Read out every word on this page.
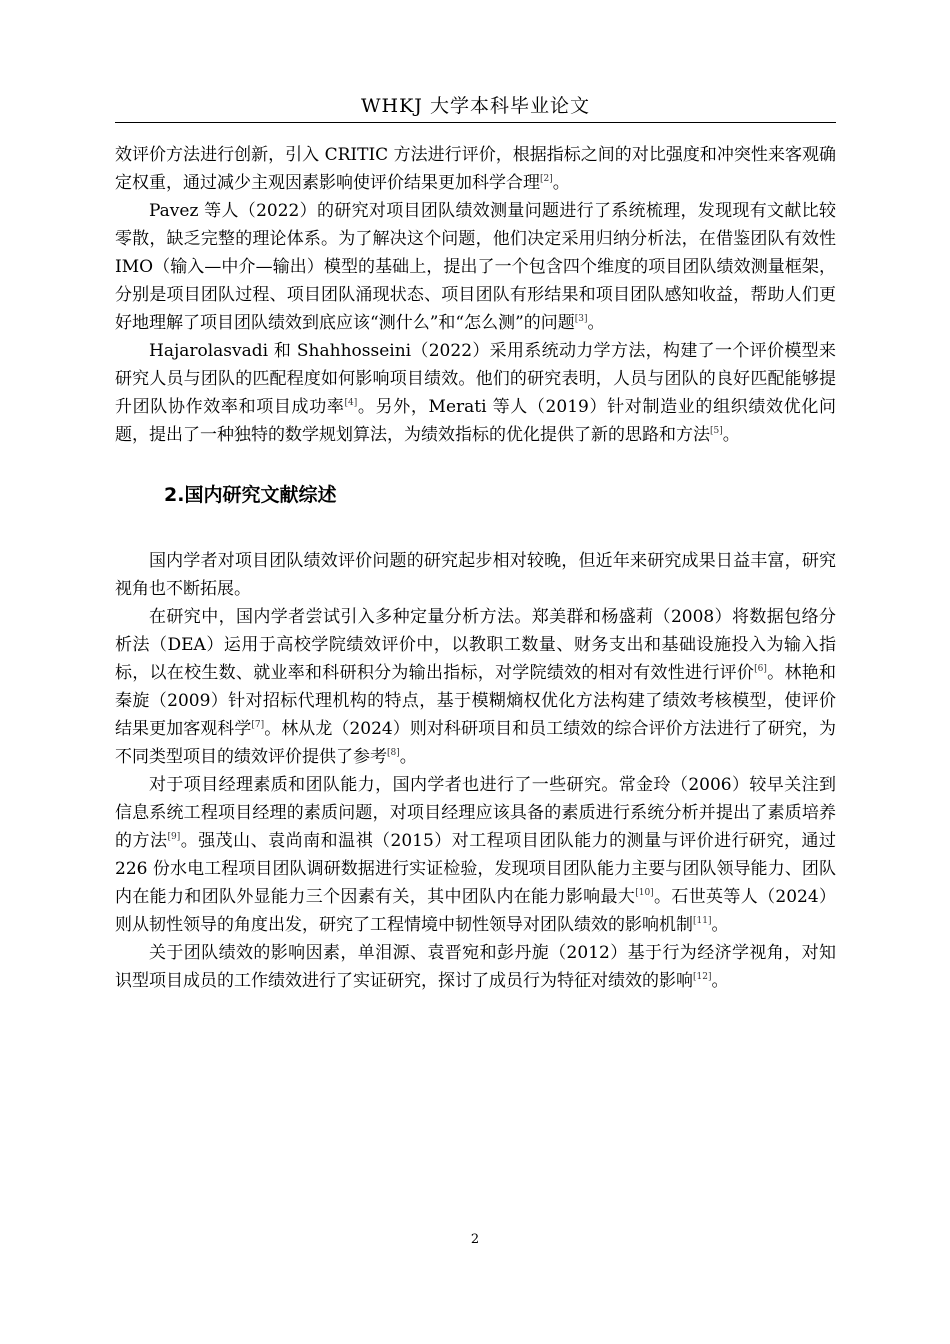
WHKJ 大学本科毕业论文

效评价方法进行创新，引入 CRITIC 方法进行评价，根据指标之间的对比强度和冲突性来客观确定权重，通过减少主观因素影响使评价结果更加科学合理[2]。

Pavez 等人（2022）的研究对项目团队绩效测量问题进行了系统梳理，发现现有文献比较零散，缺乏完整的理论体系。为了解决这个问题，他们决定采用归纳分析法，在借鉴团队有效性 IMO（输入—中介—输出）模型的基础上，提出了一个包含四个维度的项目团队绩效测量框架，分别是项目团队过程、项目团队涌现状态、项目团队有形结果和项目团队感知收益，帮助人们更好地理解了项目团队绩效到底应该“测什么”和“怎么测”的问题[3]。

Hajarolasvadi 和 Shahhosseini（2022）采用系统动力学方法，构建了一个评价模型来研究人员与团队的匹配程度如何影响项目绩效。他们的研究表明，人员与团队的良好匹配能够提升团队协作效率和项目成功率[4]。另外，Merati 等人（2019）针对制造业的组织绩效优化问题，提出了一种独特的数学规划算法，为绩效指标的优化提供了新的思路和方法[5]。

2.国内研究文献综述

国内学者对项目团队绩效评价问题的研究起步相对较晚，但近年来研究成果日益丰富，研究视角也不断拓展。

在研究中，国内学者尝试引入多种定量分析方法。郑美群和杨盛莉（2008）将数据包络分析法（DEA）运用于高校学院绩效评价中，以教职工数量、财务支出和基础设施投入为输入指标，以在校生数、就业率和科研积分为输出指标，对学院绩效的相对有效性进行评价[6]。林艳和秦旋（2009）针对招标代理机构的特点，基于模糊熵权优化方法构建了绩效考核模型，使评价结果更加客观科学[7]。林从龙（2024）则对科研项目和员工绩效的综合评价方法进行了研究，为不同类型项目的绩效评价提供了参考[8]。

对于项目经理素质和团队能力，国内学者也进行了一些研究。常金玲（2006）较早关注到信息系统工程项目经理的素质问题，对项目经理应该具备的素质进行系统分析并提出了素质培养的方法[9]。强茂山、袁尚南和温祺（2015）对工程项目团队能力的测量与评价进行研究，通过 226 份水电工程项目团队调研数据进行实证检验，发现项目团队能力主要与团队领导能力、团队内在能力和团队外显能力三个因素有关，其中团队内在能力影响最大[10]。石世英等人（2024）则从韧性领导的角度出发，研究了工程情境中韧性领导对团队绩效的影响机制[11]。

关于团队绩效的影响因素，单泪源、袁晋宛和彭丹旎（2012）基于行为经济学视角，对知识型项目成员的工作绩效进行了实证研究，探讨了成员行为特征对绩效的影响[12]。

2
